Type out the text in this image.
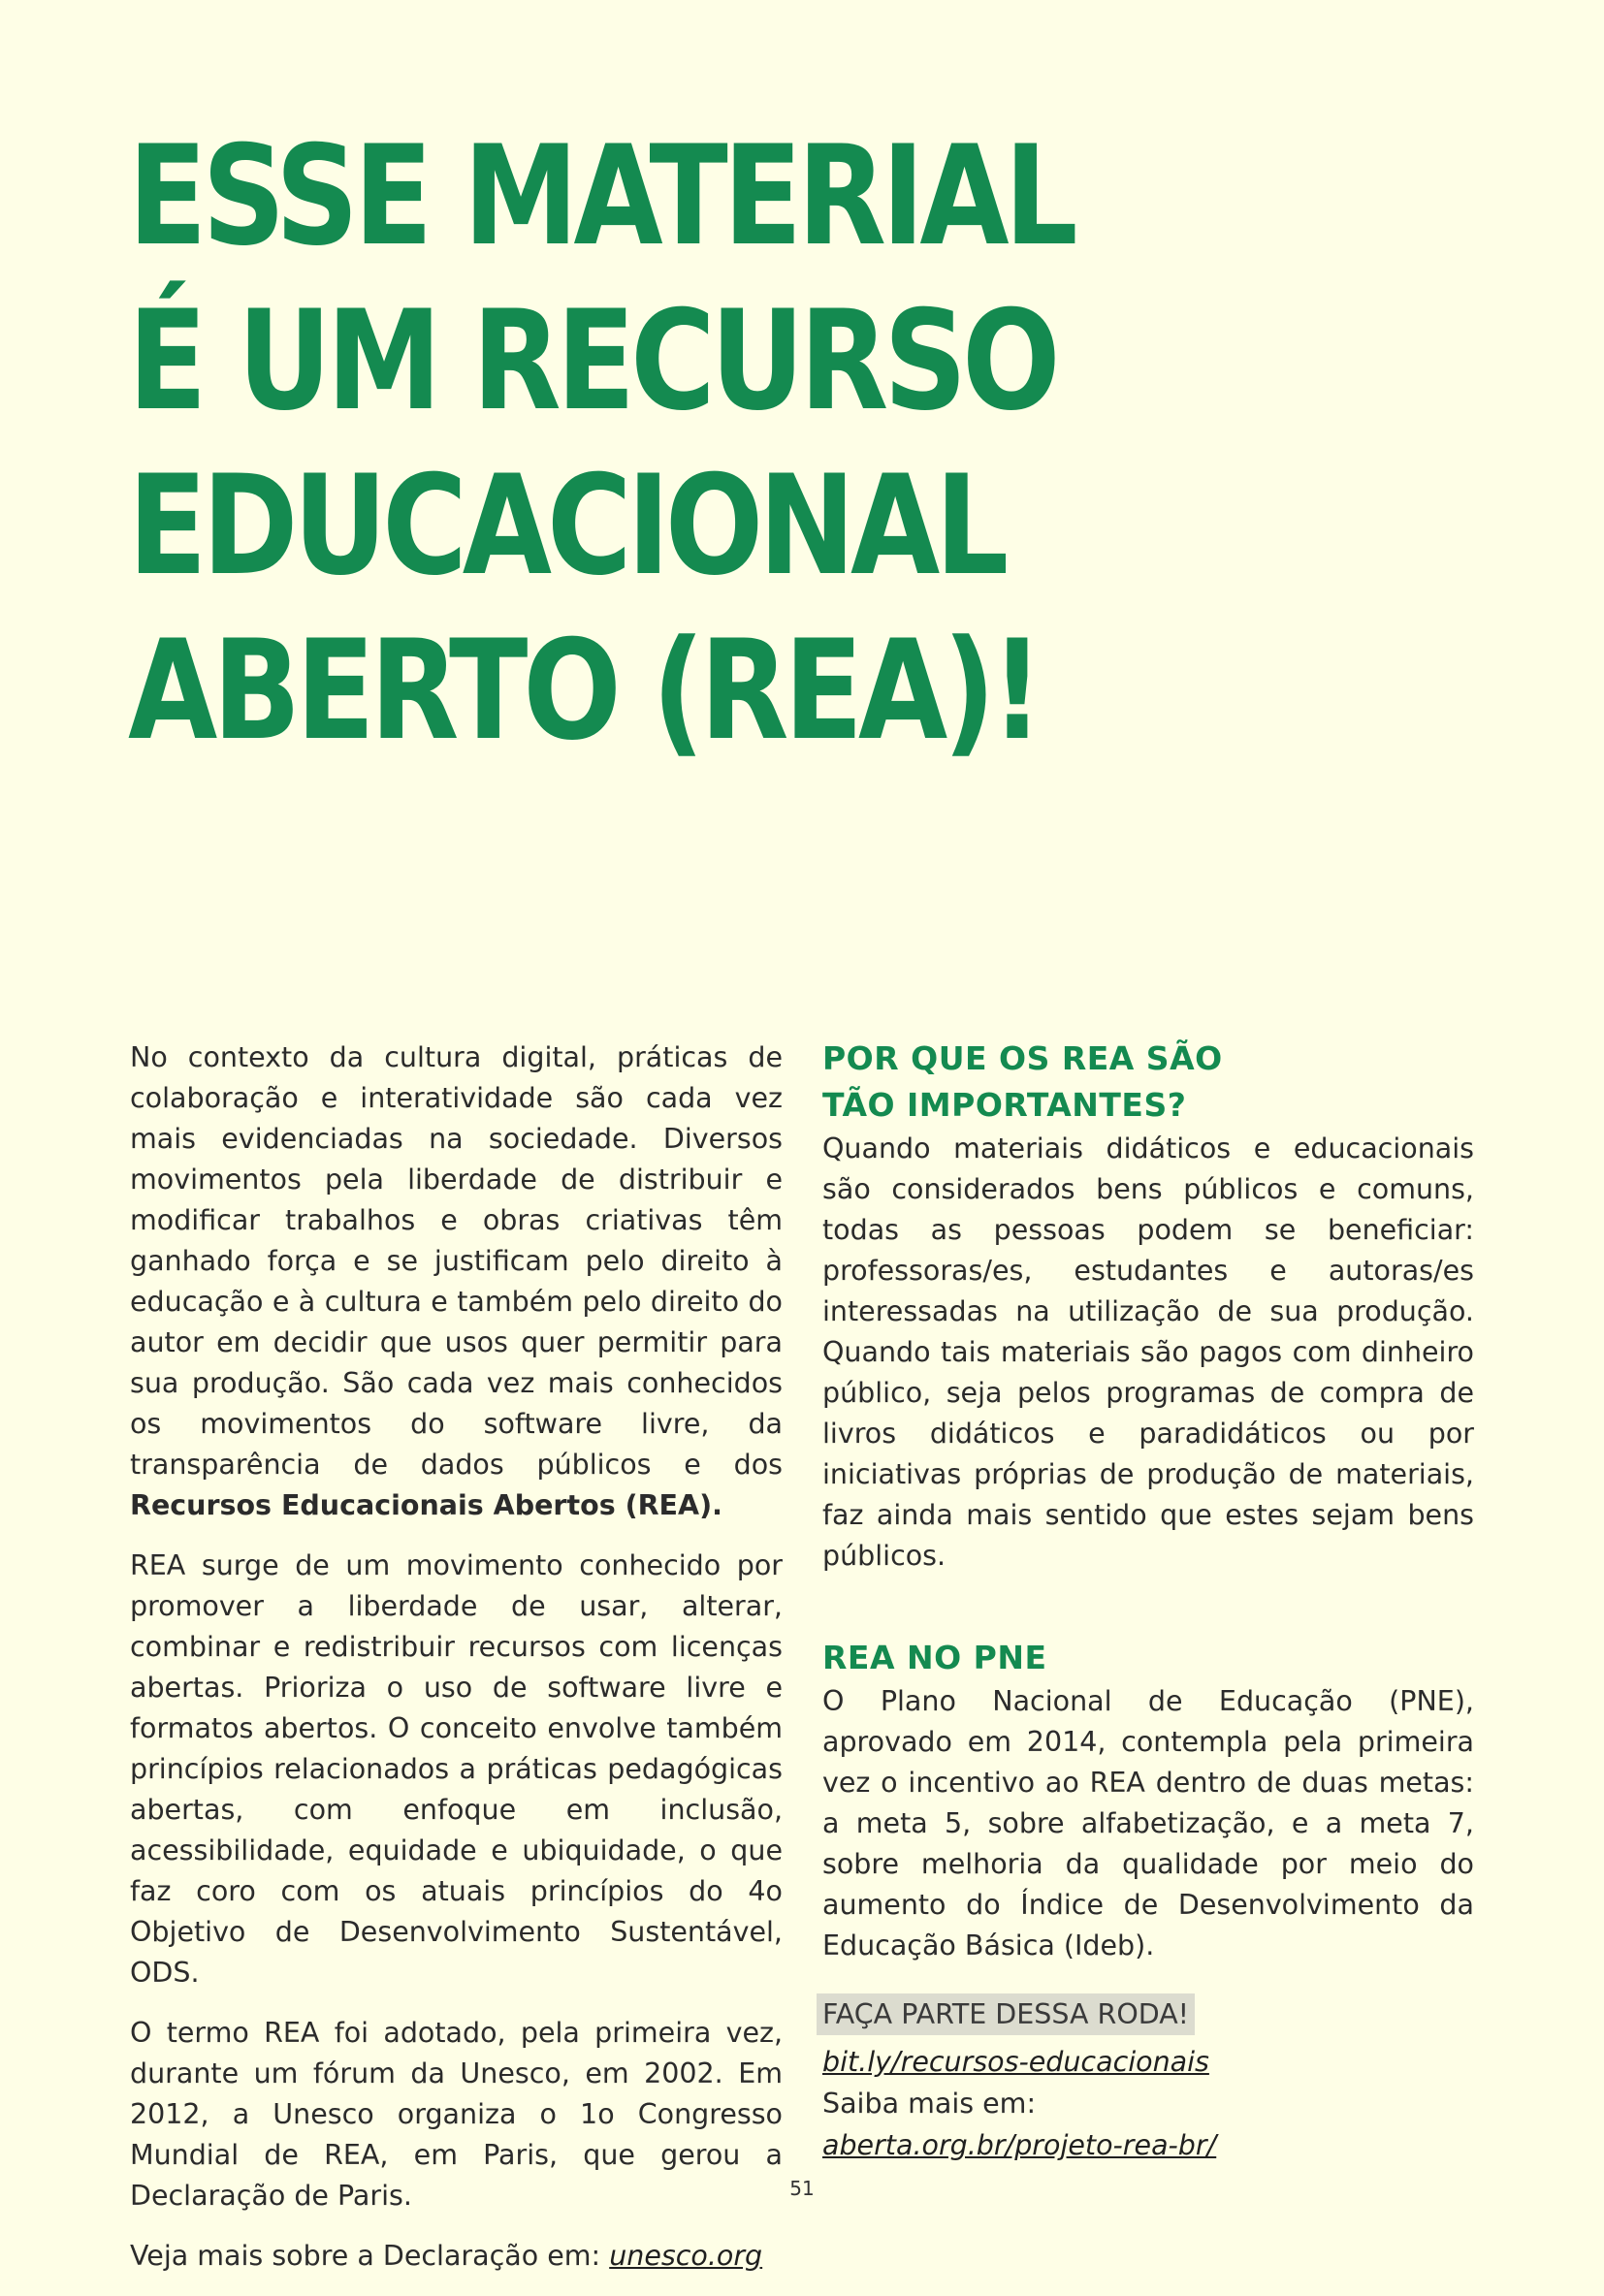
ESSE MATERIAL
É UM RECURSO
EDUCACIONAL
ABERTO (REA)!

No contexto da cultura digital, práticas de colaboração e interatividade são cada vez mais evidenciadas na sociedade. Diversos movimentos pela liberdade de distribuir e modificar trabalhos e obras criativas têm ganhado força e se justificam pelo direito à educação e à cultura e também pelo direito do autor em decidir que usos quer permitir para sua produção. São cada vez mais conhecidos os movimentos do software livre, da transparência de dados públicos e dos Recursos Educacionais Abertos (REA).

REA surge de um movimento conhecido por promover a liberdade de usar, alterar, combinar e redistribuir recursos com licenças abertas. Prioriza o uso de software livre e formatos abertos. O conceito envolve também princípios relacionados a práticas pedagógicas abertas, com enfoque em inclusão, acessibilidade, equidade e ubiquidade, o que faz coro com os atuais princípios do 4o Objetivo de Desenvolvimento Sustentável, ODS.

O termo REA foi adotado, pela primeira vez, durante um fórum da Unesco, em 2002. Em 2012, a Unesco organiza o 1o Congresso Mundial de REA, em Paris, que gerou a Declaração de Paris.

Veja mais sobre a Declaração em: unesco.org

POR QUE OS REA SÃO
TÃO IMPORTANTES?

Quando materiais didáticos e educacionais são considerados bens públicos e comuns, todas as pessoas podem se beneficiar: professoras/es, estudantes e autoras/es interessadas na utilização de sua produção. Quando tais materiais são pagos com dinheiro público, seja pelos programas de compra de livros didáticos e paradidáticos ou por iniciativas próprias de produção de materiais, faz ainda mais sentido que estes sejam bens públicos.

REA NO PNE

O Plano Nacional de Educação (PNE), aprovado em 2014, contempla pela primeira vez o incentivo ao REA dentro de duas metas: a meta 5, sobre alfabetização, e a meta 7, sobre melhoria da qualidade por meio do aumento do Índice de Desenvolvimento da Educação Básica (Ideb).

FAÇA PARTE DESSA RODA!
bit.ly/recursos-educacionais
Saiba mais em:
aberta.org.br/projeto-rea-br/
51
